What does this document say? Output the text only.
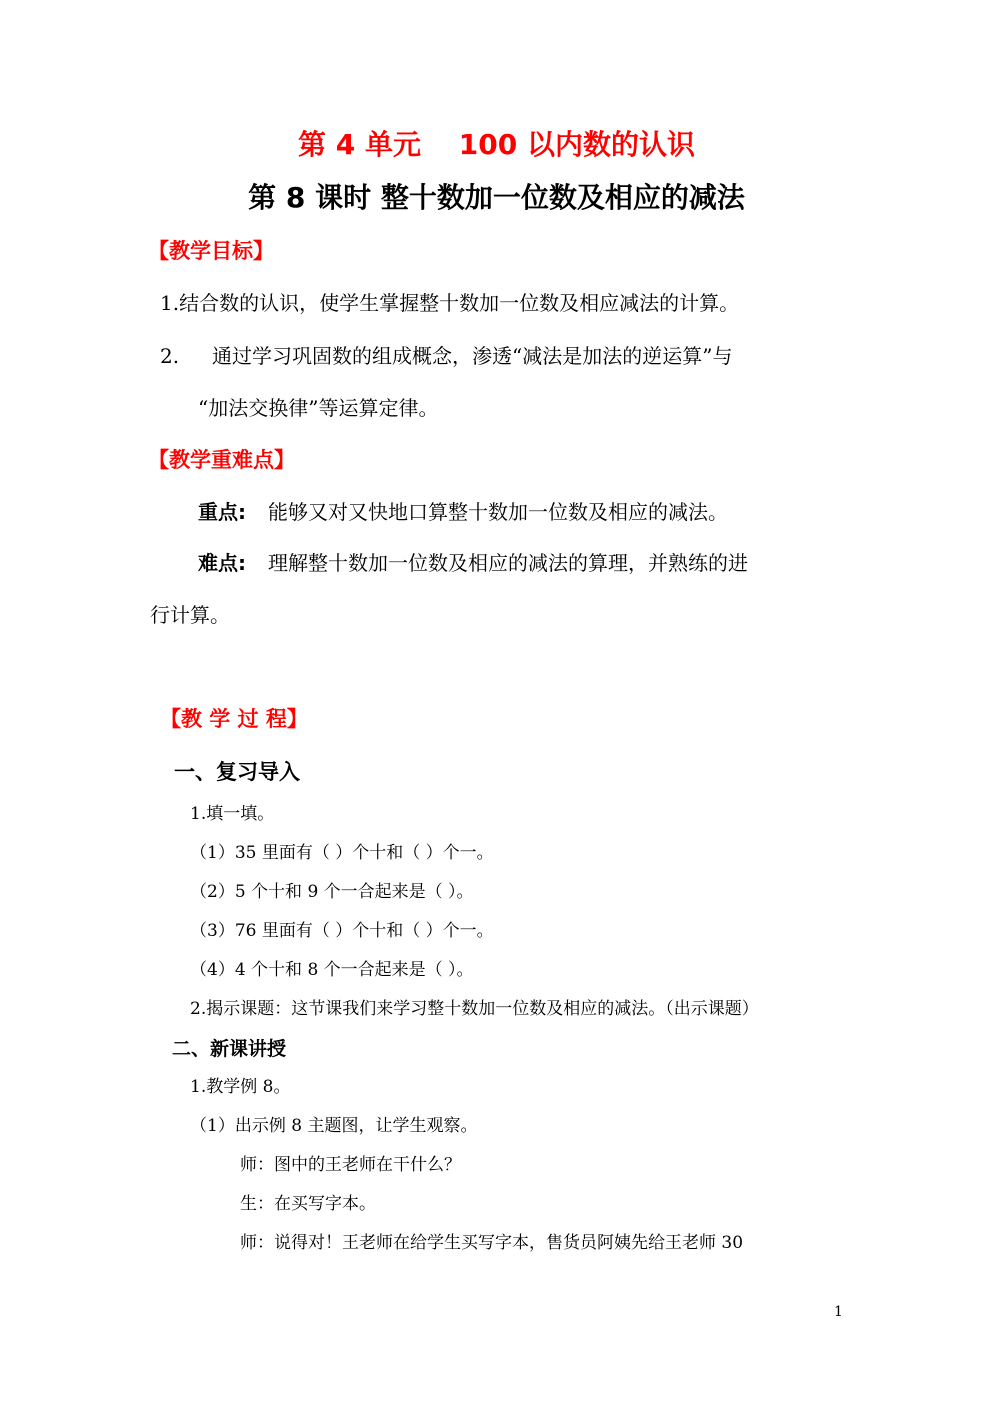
第 4 单元　 100 以内数的认识
第 8 课时 整十数加一位数及相应的减法
【教学目标】
1.结合数的认识，使学生掌握整十数加一位数及相应减法的计算。
2. 通过学习巩固数的组成概念，渗透“减法是加法的逆运算”与
“加法交换律”等运算定律。
【教学重难点】
重点: 能够又对又快地口算整十数加一位数及相应的减法。
难点: 理解整十数加一位数及相应的减法的算理，并熟练的进
行计算。
【教 学 过 程】
一、复习导入
1.填一填。
（1）35 里面有（ ）个十和（ ）个一。
（2）5 个十和 9 个一合起来是（ ）。
（3）76 里面有（ ）个十和（ ）个一。
（4）4 个十和 8 个一合起来是（ ）。
2.揭示课题：这节课我们来学习整十数加一位数及相应的减法。（出示课题）
二、新课讲授
1.教学例 8。
（1）出示例 8 主题图，让学生观察。
师：图中的王老师在干什么？
生：在买写字本。
师：说得对！王老师在给学生买写字本，售货员阿姨先给王老师 30
1
